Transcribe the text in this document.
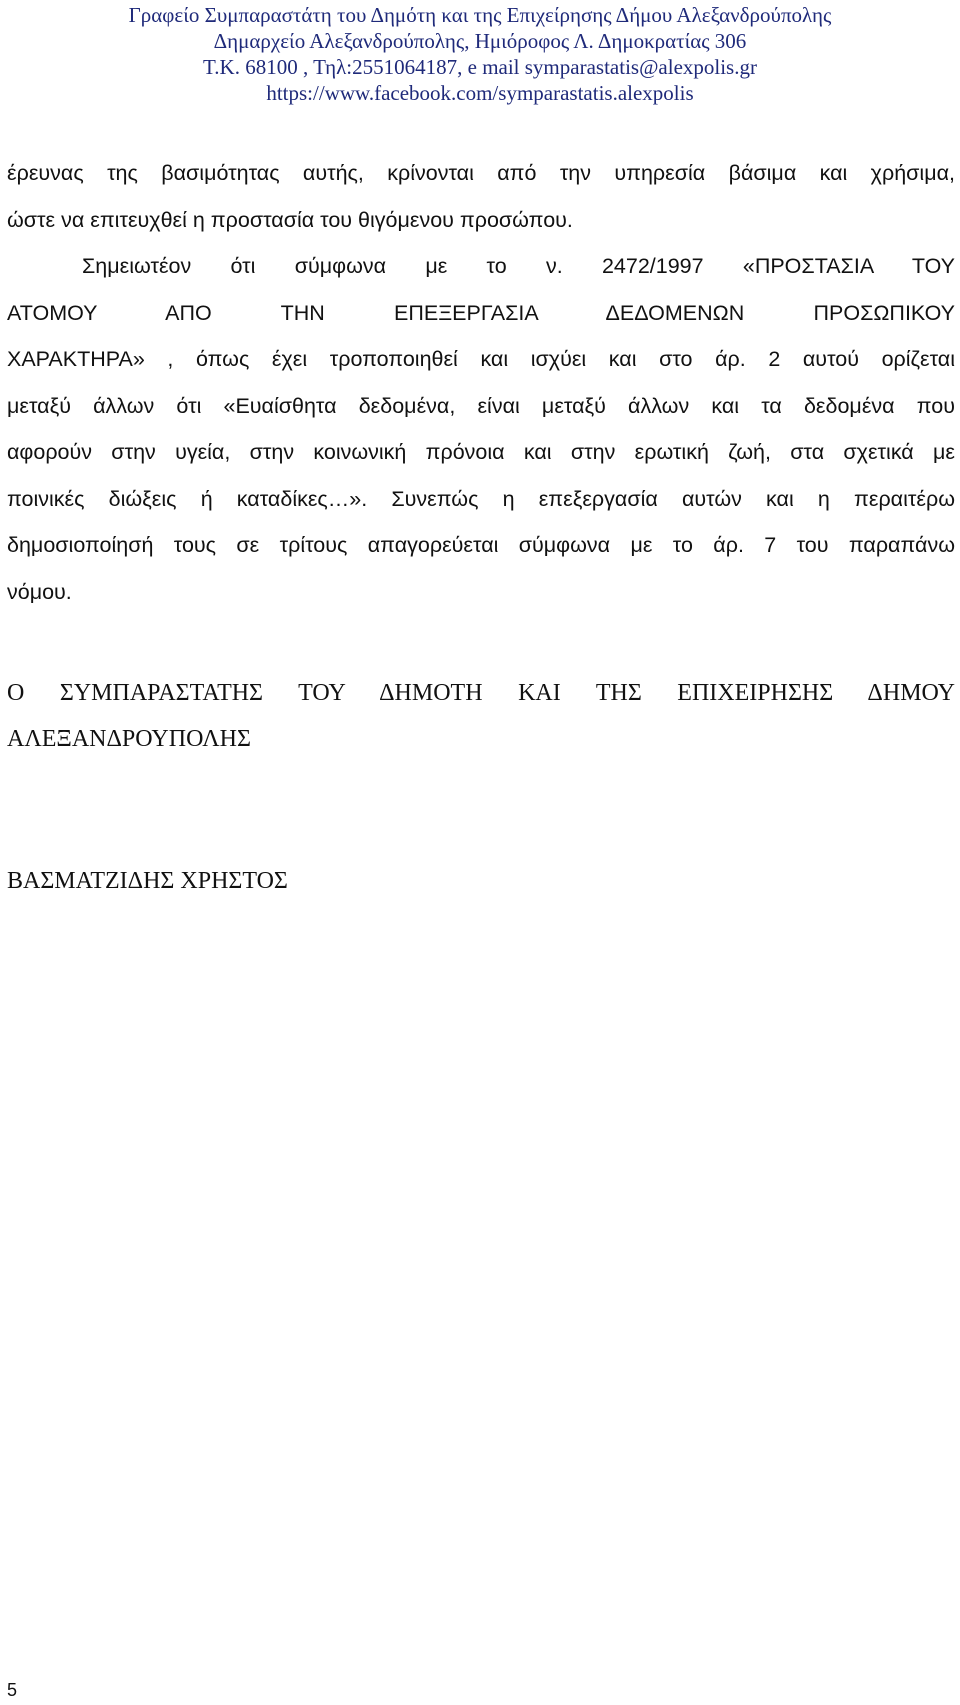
Γραφείο Συμπαραστάτη του Δημότη και της Επιχείρησης Δήμου Αλεξανδρούπολης
Δημαρχείο Αλεξανδρούπολης, Ημιόροφος Λ. Δημοκρατίας 306
Τ.Κ. 68100 , Τηλ:2551064187, e mail symparastatis@alexpolis.gr
https://www.facebook.com/symparastatis.alexpolis
έρευνας της βασιμότητας αυτής, κρίνονται από την υπηρεσία βάσιμα και χρήσιμα,
ώστε να επιτευχθεί η προστασία του θιγόμενου προσώπου.
Σημειωτέον ότι σύμφωνα με το ν. 2472/1997 «ΠΡΟΣΤΑΣΙΑ ΤΟΥ
ΑΤΟΜΟΥ ΑΠΟ ΤΗΝ ΕΠΕΞΕΡΓΑΣΙΑ ΔΕΔΟΜΕΝΩΝ ΠΡΟΣΩΠΙΚΟΥ
ΧΑΡΑΚΤΗΡΑ» , όπως έχει τροποποιηθεί και ισχύει και στο άρ. 2 αυτού ορίζεται
μεταξύ άλλων ότι «Ευαίσθητα δεδομένα, είναι μεταξύ άλλων και τα δεδομένα που
αφορούν στην υγεία, στην κοινωνική πρόνοια και στην ερωτική ζωή, στα σχετικά με
ποινικές διώξεις ή καταδίκες…». Συνεπώς η επεξεργασία αυτών και η περαιτέρω
δημοσιοποίησή τους σε τρίτους απαγορεύεται σύμφωνα με το άρ. 7 του παραπάνω
νόμου.
Ο ΣΥΜΠΑΡΑΣΤΑΤΗΣ ΤΟΥ ΔΗΜΟΤΗ ΚΑΙ ΤΗΣ ΕΠΙΧΕΙΡΗΣΗΣ ΔΗΜΟΥ
ΑΛΕΞΑΝΔΡΟΥΠΟΛΗΣ
ΒΑΣΜΑΤΖΙΔΗΣ ΧΡΗΣΤΟΣ
5
